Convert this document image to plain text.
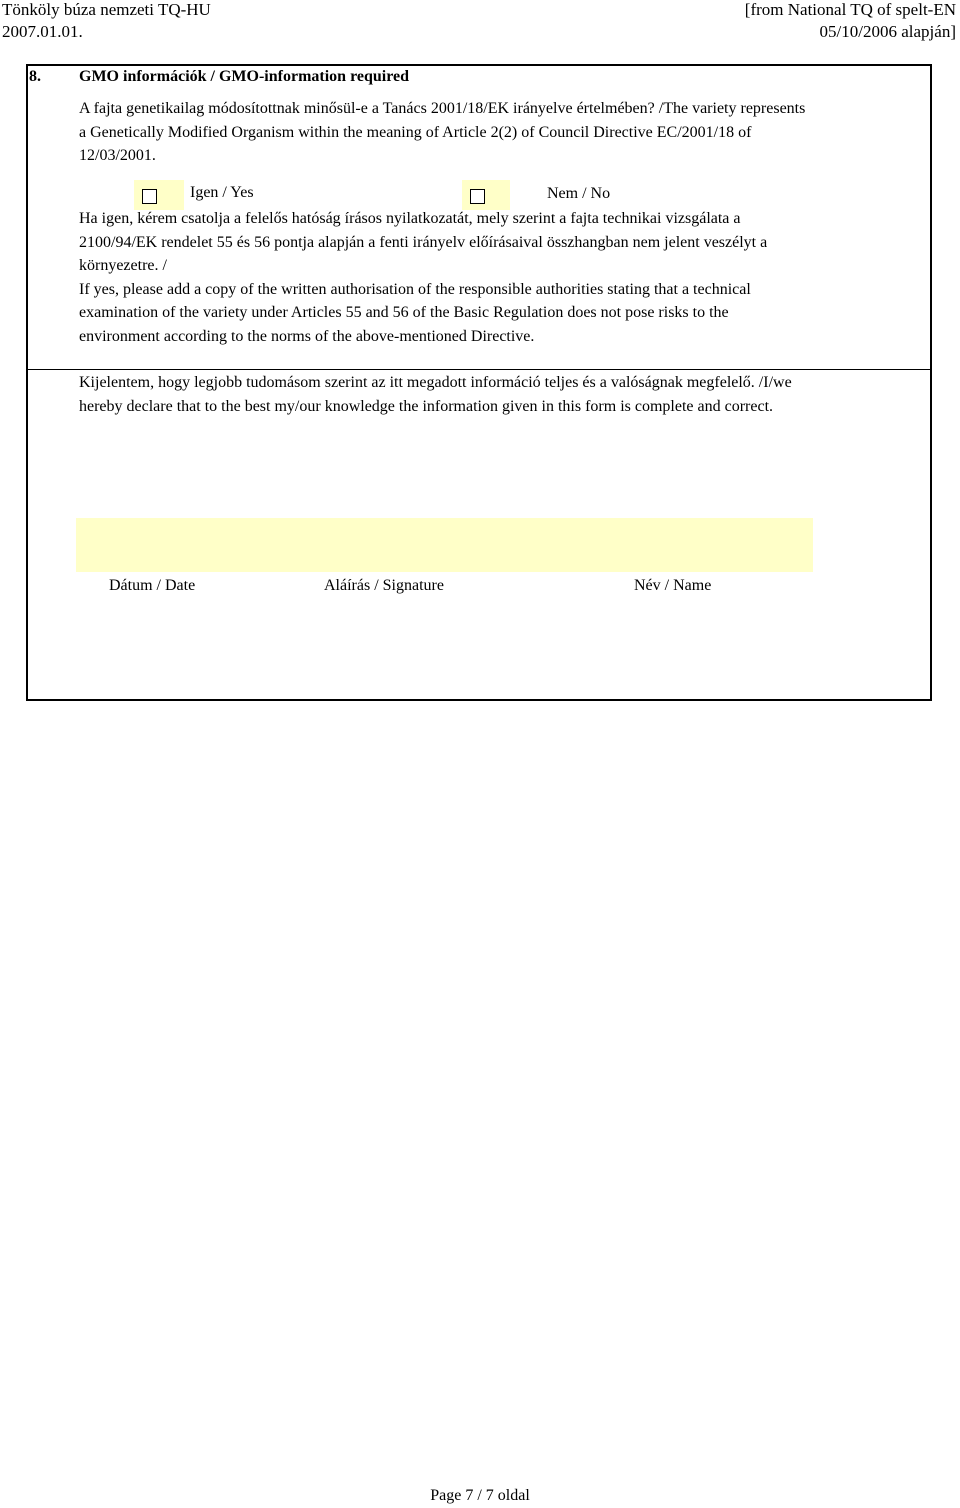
Tönköly búza nemzeti TQ-HU
2007.01.01.
[from National TQ of spelt-EN
05/10/2006 alapján]
8. GMO információk / GMO-information required
A fajta genetikailag módosítottnak minősül-e a Tanács 2001/18/EK irányelve értelmében? /The variety represents
a Genetically Modified Organism within the meaning of Article 2(2) of Council Directive EC/2001/18 of
12/03/2001.
Igen / Yes	Nem / No
Ha igen, kérem csatolja a felelős hatóság írásos nyilatkozatát, mely szerint a fajta technikai vizsgálata a
2100/94/EK rendelet 55 és 56 pontja alapján a fenti irányelv előírásaival összhangban nem jelent veszélyt a
környezetre. /
If yes, please add a copy of the written authorisation of the responsible authorities stating that a technical
examination of the variety under Articles 55 and 56 of the Basic Regulation does not pose risks to the
environment according to the norms of the above-mentioned Directive.
Kijelentem, hogy legjobb tudomásom szerint az itt megadott információ teljes és a valóságnak megfelelő. /I/we
hereby declare that to the best my/our knowledge the information given in this form is complete and correct.
Dátum / Date	Aláírás / Signature	Név / Name
Page 7 / 7 oldal
